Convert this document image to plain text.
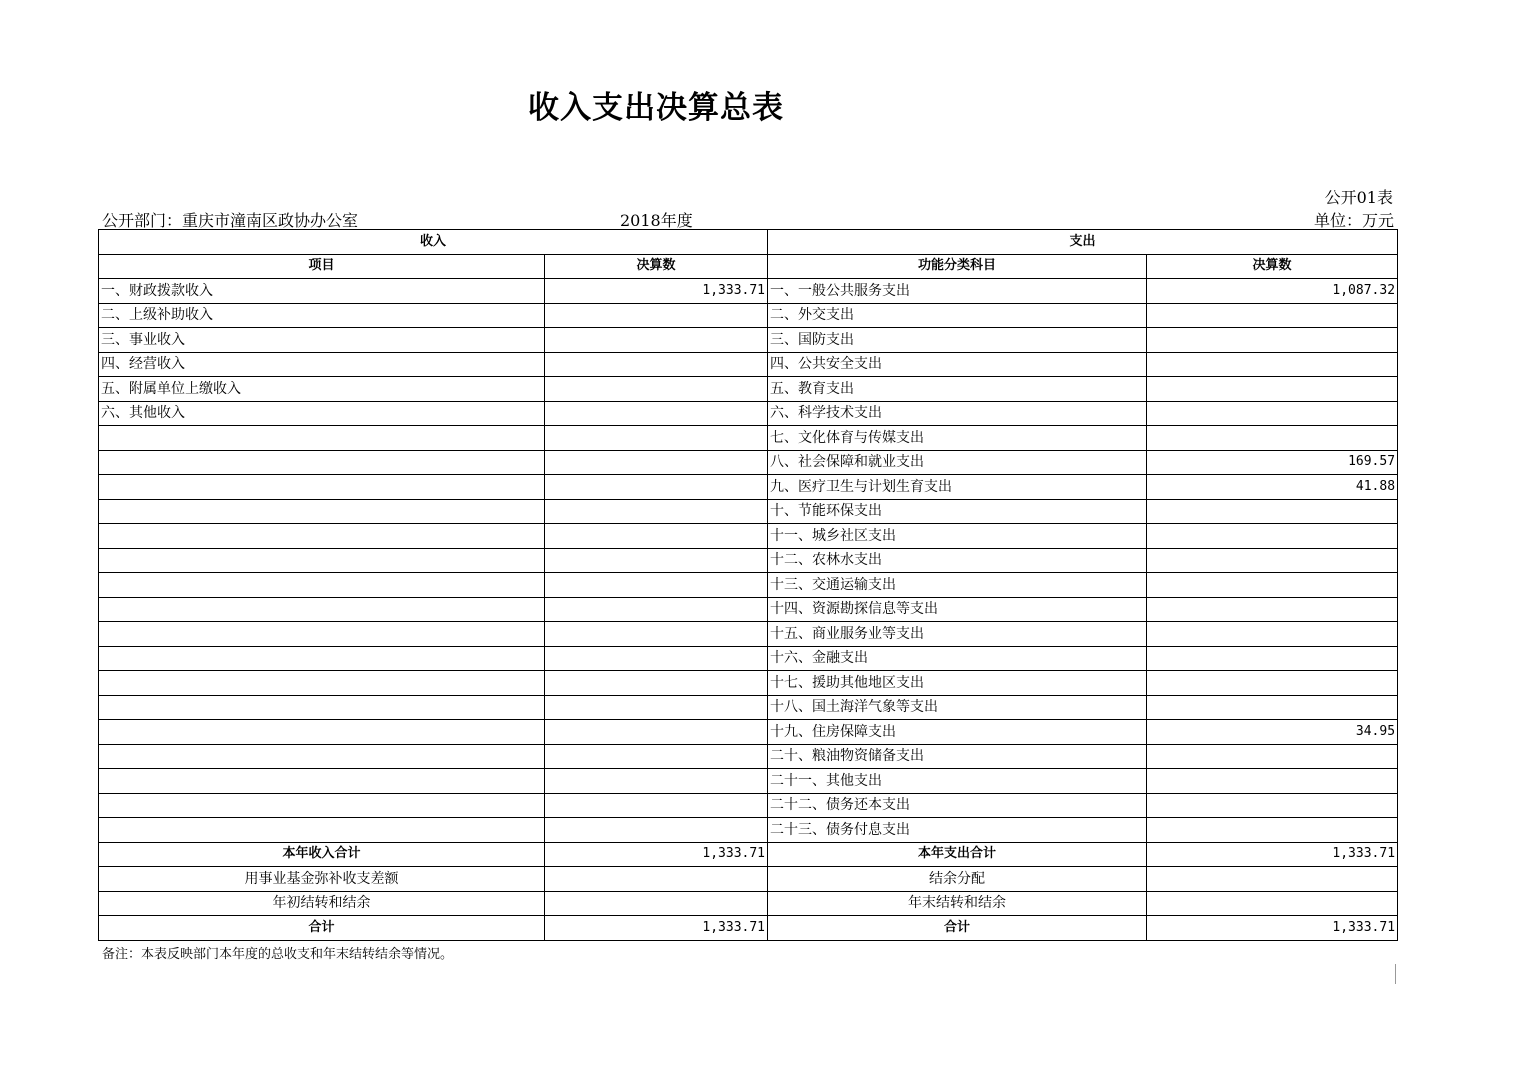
收入支出决算总表
公开01表
公开部门：重庆市潼南区政协办公室	2018年度	单位：万元
收入		支出	
项目	决算数	功能分类科目	决算数
一、财政拨款收入	1,333.71	一、一般公共服务支出	1,087.32
二、上级补助收入		二、外交支出	
三、事业收入		三、国防支出	
四、经营收入		四、公共安全支出	
五、附属单位上缴收入		五、教育支出	
六、其他收入		六、科学技术支出	
		七、文化体育与传媒支出	
		八、社会保障和就业支出	169.57
		九、医疗卫生与计划生育支出	41.88
		十、节能环保支出	
		十一、城乡社区支出	
		十二、农林水支出	
		十三、交通运输支出	
		十四、资源勘探信息等支出	
		十五、商业服务业等支出	
		十六、金融支出	
		十七、援助其他地区支出	
		十八、国土海洋气象等支出	
		十九、住房保障支出	34.95
		二十、粮油物资储备支出	
		二十一、其他支出	
		二十二、债务还本支出	
		二十三、债务付息支出	
本年收入合计	1,333.71	本年支出合计	1,333.71
用事业基金弥补收支差额		结余分配	
年初结转和结余		年末结转和结余	
合计	1,333.71	合计	1,333.71
备注：本表反映部门本年度的总收支和年末结转结余等情况。
